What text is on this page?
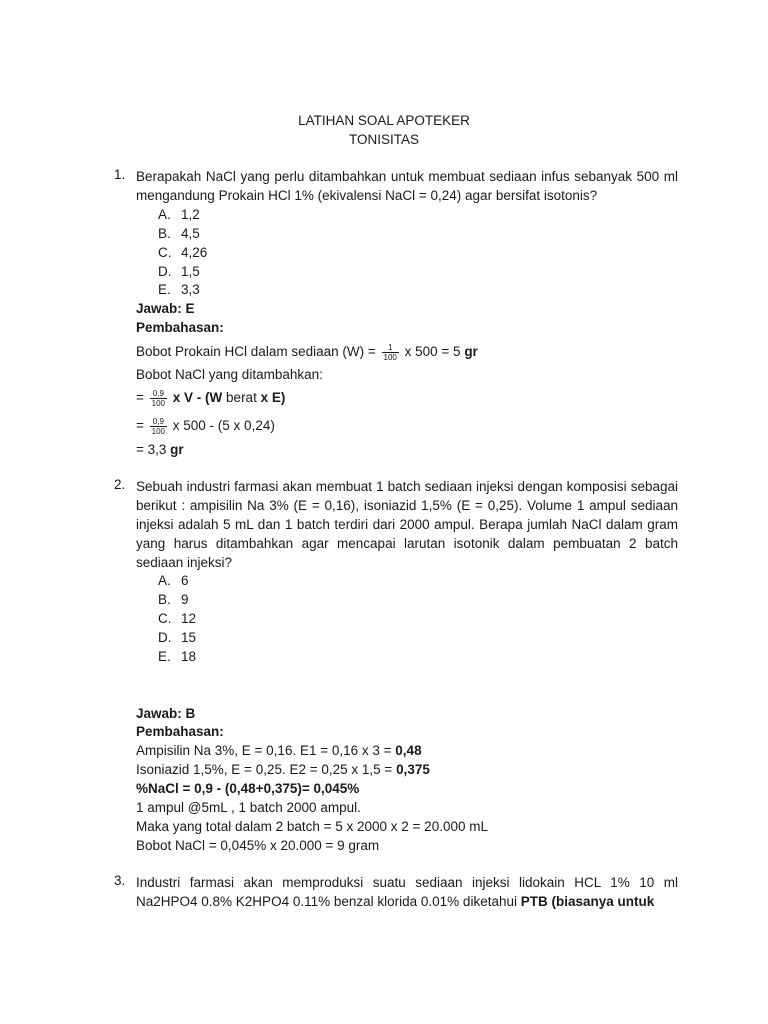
LATIHAN SOAL APOTEKER
TONISITAS
1. Berapakah NaCl yang perlu ditambahkan untuk membuat sediaan infus sebanyak 500 ml mengandung Prokain HCl 1% (ekivalensi NaCl = 0,24) agar bersifat isotonis?
A. 1,2
B. 4,5
C. 4,26
D. 1,5
E. 3,3
Jawab: E
Pembahasan:
Bobot Prokain HCl dalam sediaan $(W) = \frac{1}{100}$ x 500 = 5 gr
Bobot NaCl yang ditambahkan:
= $\frac{0,9}{100}$ x V - (W berat x E)
= $\frac{0,9}{100}$ x 500 - (5 x 0,24)
= 3,3 gr
2. Sebuah industri farmasi akan membuat 1 batch sediaan injeksi dengan komposisi sebagai berikut : ampisilin Na 3% (E = 0,16), isoniazid 1,5% (E = 0,25). Volume 1 ampul sediaan injeksi adalah 5 mL dan 1 batch terdiri dari 2000 ampul. Berapa jumlah NaCl dalam gram yang harus ditambahkan agar mencapai larutan isotonik dalam pembuatan 2 batch sediaan injeksi?
A. 6
B. 9
C. 12
D. 15
E. 18
Jawab: B
Pembahasan:
Ampisilin Na 3%, E = 0,16. E1 = 0,16 x 3 = 0,48
Isoniazid 1,5%, E = 0,25. E2 = 0,25 x 1,5 = 0,375
%NaCl = 0,9 - (0,48+0,375)= 0,045%
1 ampul @5mL , 1 batch 2000 ampul.
Maka yang total dalam 2 batch = 5 x 2000 x 2 = 20.000 mL
Bobot NaCl = 0,045% x 20.000 = 9 gram
3. Industri farmasi akan memproduksi suatu sediaan injeksi lidokain HCL 1% 10 ml Na2HPO4 0.8% K2HPO4 0.11% benzal klorida 0.01% diketahui PTB (biasanya untuk
